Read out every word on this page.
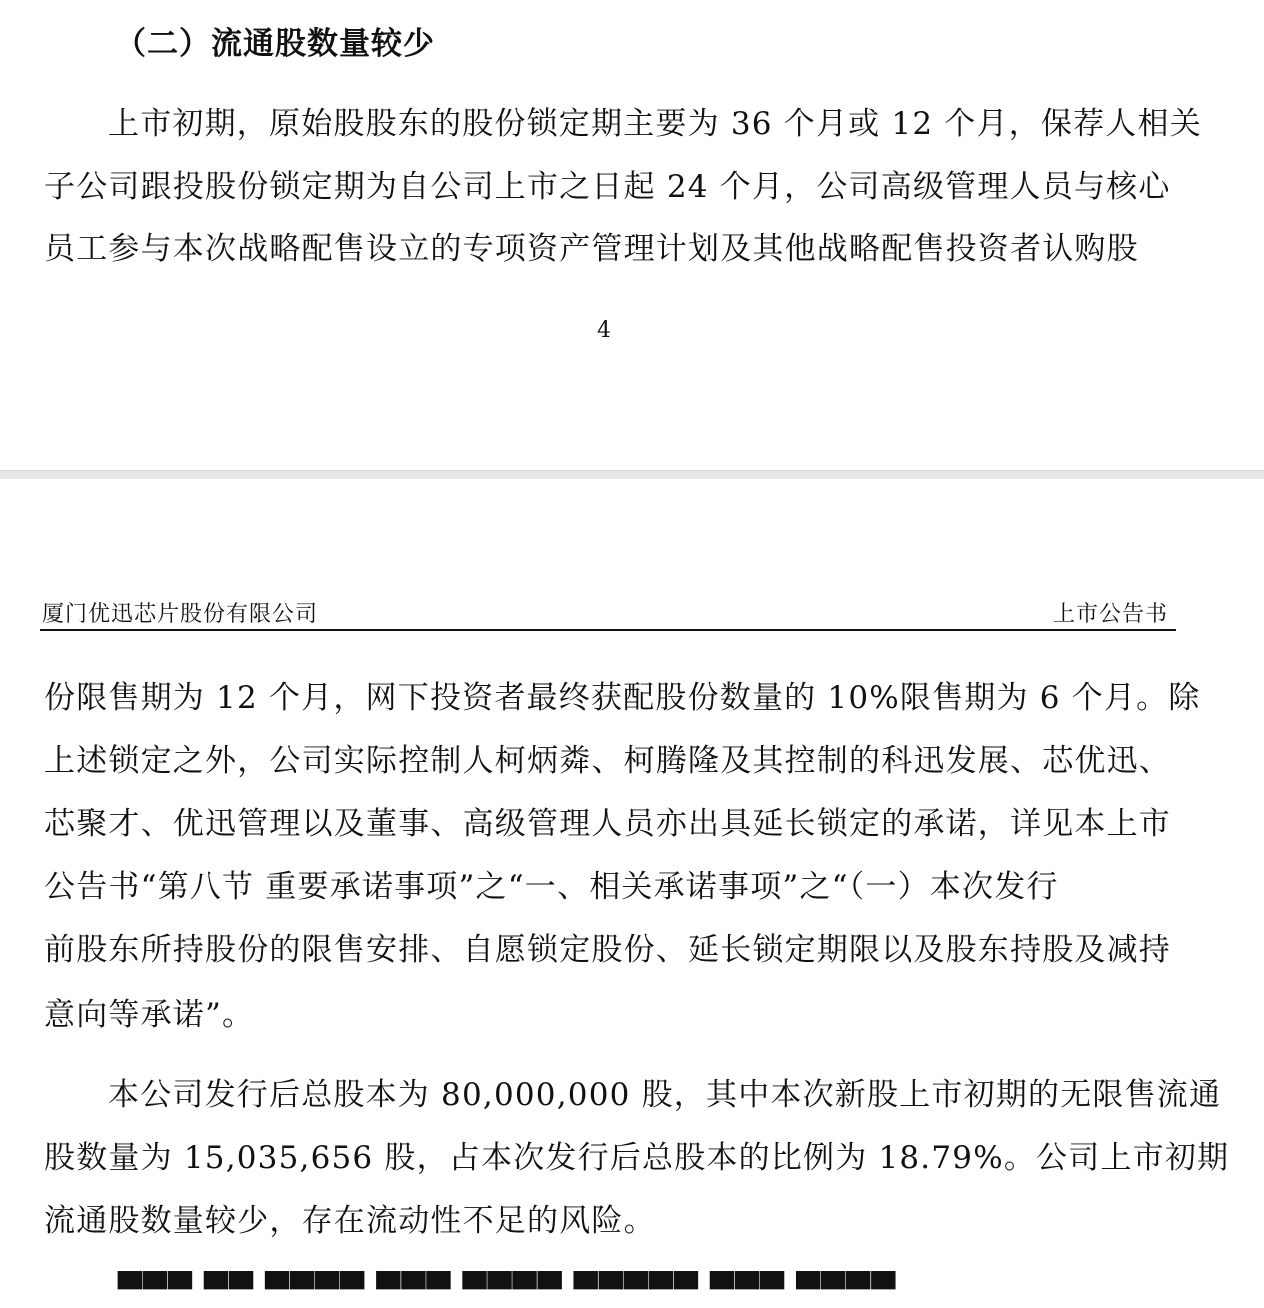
（二）流通股数量较少
上市初期，原始股股东的股份锁定期主要为 36 个月或 12 个月，保荐人相关
子公司跟投股份锁定期为自公司上市之日起 24 个月，公司高级管理人员与核心
员工参与本次战略配售设立的专项资产管理计划及其他战略配售投资者认购股
4
厦门优迅芯片股份有限公司	上市公告书
份限售期为 12 个月，网下投资者最终获配股份数量的 10%限售期为 6 个月。除
上述锁定之外，公司实际控制人柯炳粦、柯腾隆及其控制的科迅发展、芯优迅、
芯聚才、优迅管理以及董事、高级管理人员亦出具延长锁定的承诺，详见本上市
公告书“第八节 重要承诺事项”之“一、相关承诺事项”之“（一）本次发行
前股东所持股份的限售安排、自愿锁定股份、延长锁定期限以及股东持股及减持
意向等承诺”。
本公司发行后总股本为 80,000,000 股，其中本次新股上市初期的无限售流通
股数量为 15,035,656 股，占本次发行后总股本的比例为 18.79%。公司上市初期
流通股数量较少，存在流动性不足的风险。
▀▀▀ ▀▀ ▀▀▀▀ ▀▀▀ ▀▀▀▀ ▀▀▀▀▀ ▀▀▀ ▀▀▀▀
